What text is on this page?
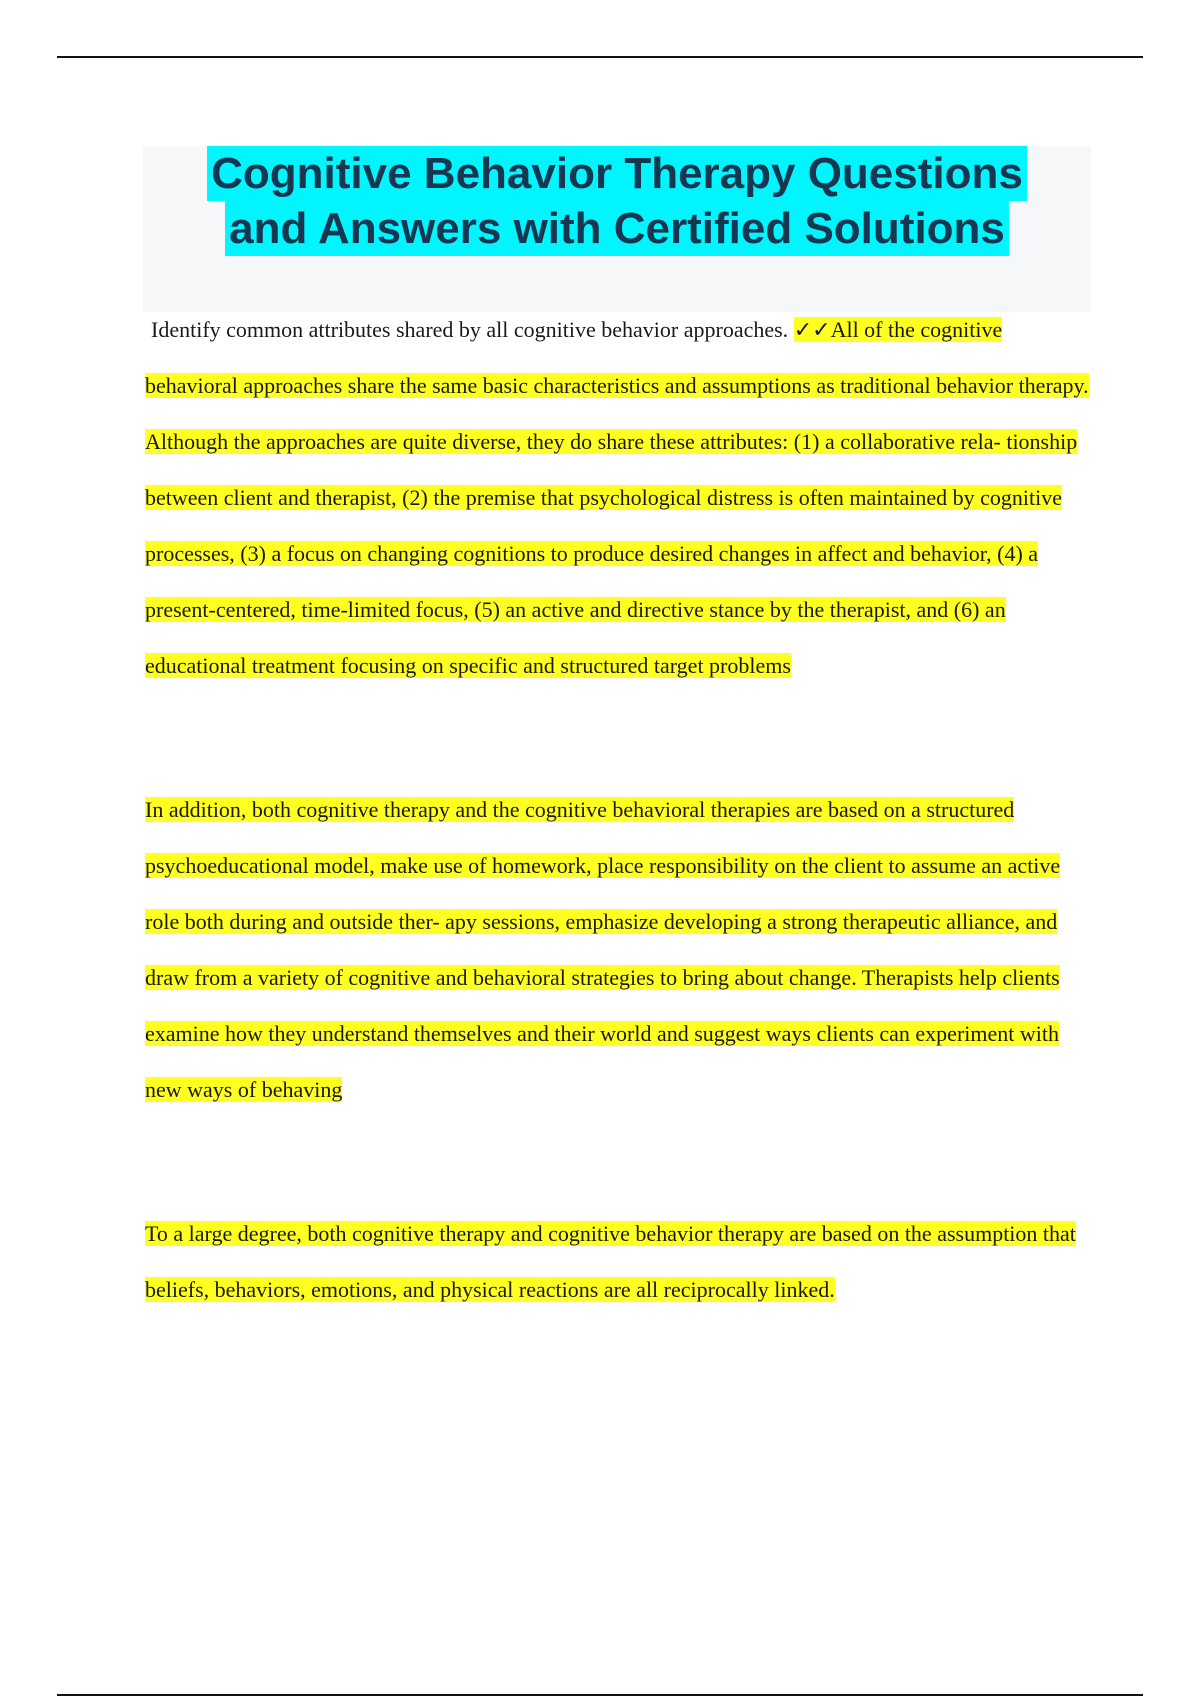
Cognitive Behavior Therapy Questions
and Answers with Certified Solutions

Identify common attributes shared by all cognitive behavior approaches. ✓✓All of the cognitive behavioral approaches share the same basic characteristics and assumptions as traditional behavior therapy. Although the approaches are quite diverse, they do share these attributes: (1) a collaborative rela- tionship between client and therapist, (2) the premise that psychological distress is often maintained by cognitive processes, (3) a focus on changing cognitions to produce desired changes in affect and behavior, (4) a present-centered, time-limited focus, (5) an active and directive stance by the therapist, and (6) an educational treatment focusing on specific and structured target problems

In addition, both cognitive therapy and the cognitive behavioral therapies are based on a structured psychoeducational model, make use of homework, place responsibility on the client to assume an active role both during and outside ther- apy sessions, emphasize developing a strong therapeutic alliance, and draw from a variety of cognitive and behavioral strategies to bring about change. Therapists help clients examine how they understand themselves and their world and suggest ways clients can experiment with new ways of behaving

To a large degree, both cognitive therapy and cognitive behavior therapy are based on the assumption that beliefs, behaviors, emotions, and physical reactions are all reciprocally linked.
